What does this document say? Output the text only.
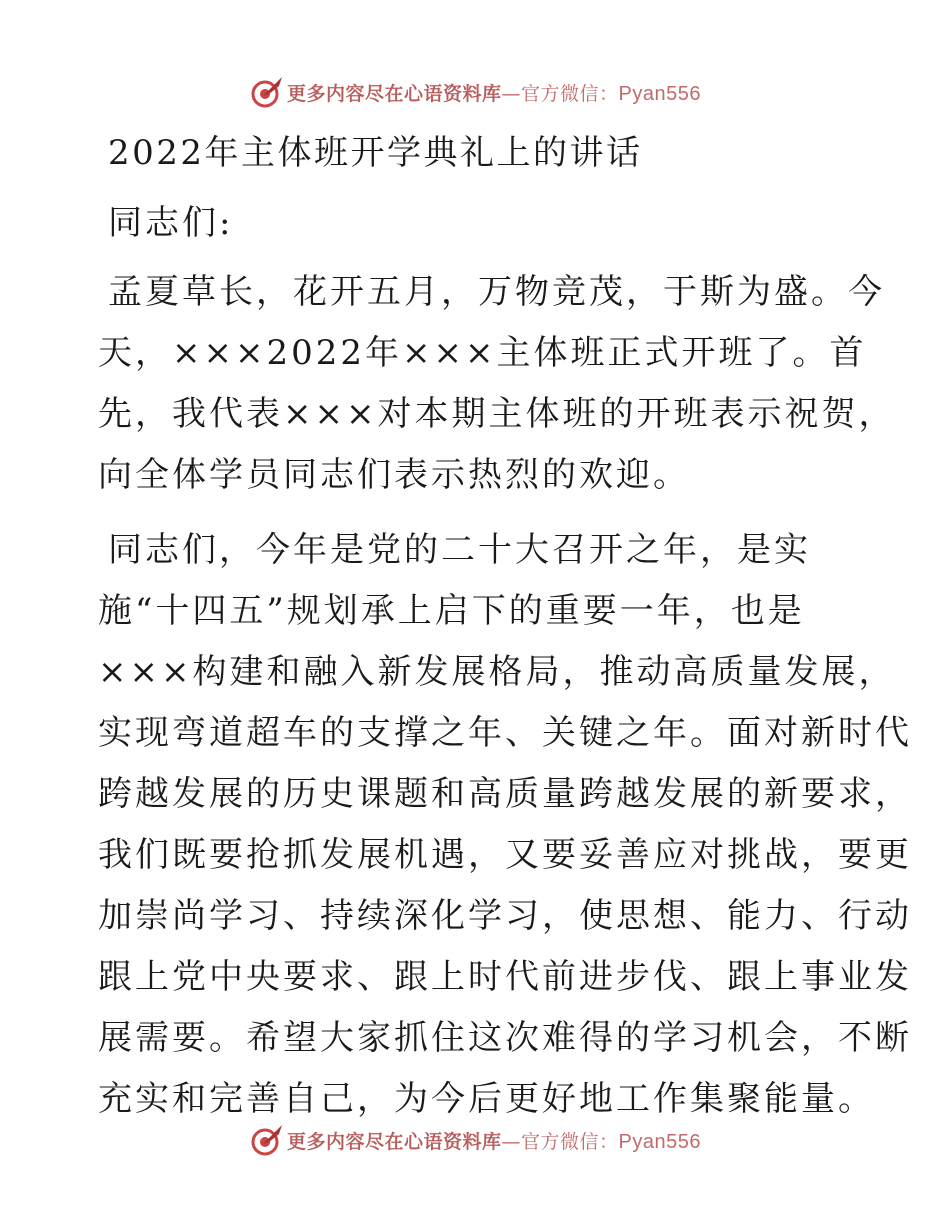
更多内容尽在心语资料库—官方微信：Pyan556
2022年主体班开学典礼上的讲话
同志们:
孟夏草长，花开五月，万物竞茂，于斯为盛。今
天，×××2022年×××主体班正式开班了。首
先，我代表×××对本期主体班的开班表示祝贺，
向全体学员同志们表示热烈的欢迎。
同志们，今年是党的二十大召开之年，是实
施“十四五”规划承上启下的重要一年，也是
×××构建和融入新发展格局，推动高质量发展，
实现弯道超车的支撑之年、关键之年。面对新时代
跨越发展的历史课题和高质量跨越发展的新要求，
我们既要抢抓发展机遇，又要妥善应对挑战，要更
加崇尚学习、持续深化学习，使思想、能力、行动
跟上党中央要求、跟上时代前进步伐、跟上事业发
展需要。希望大家抓住这次难得的学习机会，不断
充实和完善自己，为今后更好地工作集聚能量。
更多内容尽在心语资料库—官方微信：Pyan556
